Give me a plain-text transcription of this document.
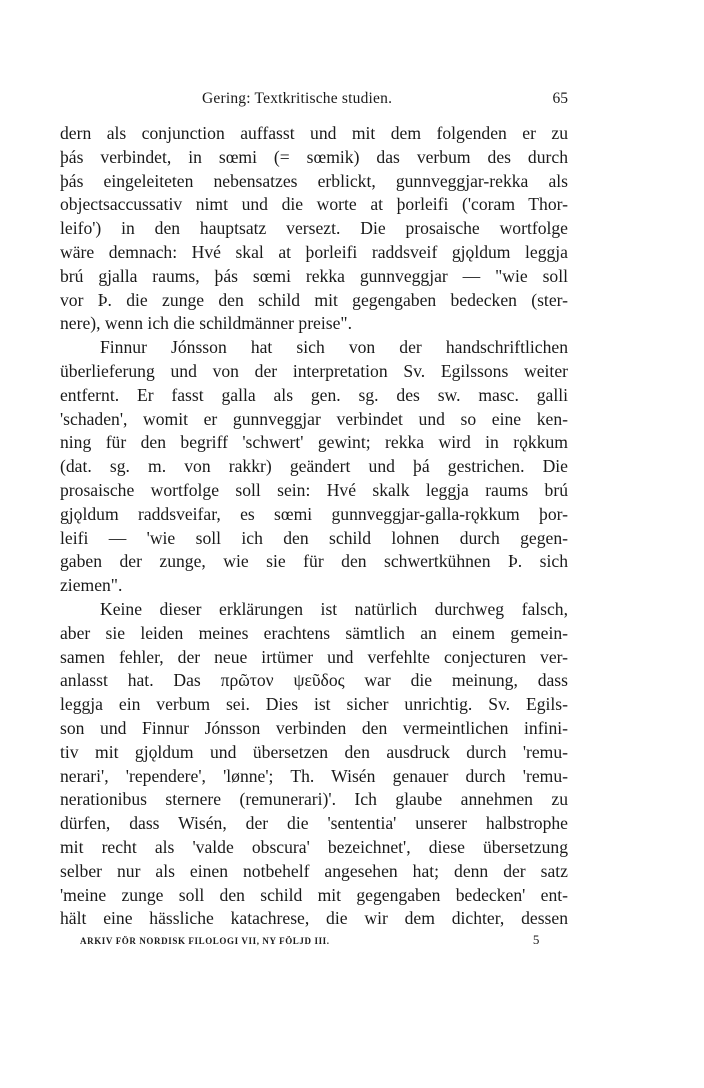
Gering: Textkritische studien.	65
dern als conjunction auffasst und mit dem folgenden er zu
þás verbindet, in sœmi (= sœmik) das verbum des durch
þás eingeleiteten nebensatzes erblickt, gunnveggjar-rekka als
objectsaccussativ nimt und die worte at þorleifi ('coram Thor-
leifo') in den hauptsatz versezt. Die prosaische wortfolge
wäre demnach: Hvé skal at þorleifi raddsveif gjǫldum leggja
brú gjalla raums, þás sœmi rekka gunnveggjar — "wie soll
vor Þ. die zunge den schild mit gegengaben bedecken (ster-
nere), wenn ich die schildmänner preise".
Finnur Jónsson hat sich von der handschriftlichen
überlieferung und von der interpretation Sv. Egilssons weiter
entfernt. Er fasst galla als gen. sg. des sw. masc. galli
'schaden', womit er gunnveggjar verbindet und so eine ken-
ning für den begriff 'schwert' gewint; rekka wird in rǫkkum
(dat. sg. m. von rakkr) geändert und þá gestrichen. Die
prosaische wortfolge soll sein: Hvé skalk leggja raums brú
gjǫldum raddsveifar, es sœmi gunnveggjar-galla-rǫkkum þor-
leifi — 'wie soll ich den schild lohnen durch gegen-
gaben der zunge, wie sie für den schwertkühnen Þ. sich
ziemen".
Keine dieser erklärungen ist natürlich durchweg falsch,
aber sie leiden meines erachtens sämtlich an einem gemein-
samen fehler, der neue irtümer und verfehlte conjecturen ver-
anlasst hat. Das πρῶτον ψεῦδος war die meinung, dass
leggja ein verbum sei. Dies ist sicher unrichtig. Sv. Egils-
son und Finnur Jónsson verbinden den vermeintlichen infini-
tiv mit gjǫldum und übersetzen den ausdruck durch 'remu-
nerari', 'rependere', 'lønne'; Th. Wisén genauer durch 'remu-
nerationibus sternere (remunerari)'. Ich glaube annehmen zu
dürfen, dass Wisén, der die 'sententia' unserer halbstrophe
mit recht als 'valde obscura' bezeichnet', diese übersetzung
selber nur als einen notbehelf angesehen hat; denn der satz
'meine zunge soll den schild mit gegengaben bedecken' ent-
hält eine hässliche katachrese, die wir dem dichter, dessen
ARKIV FÖR NORDISK FILOLOGI VII, NY FÖLJD III.	5
